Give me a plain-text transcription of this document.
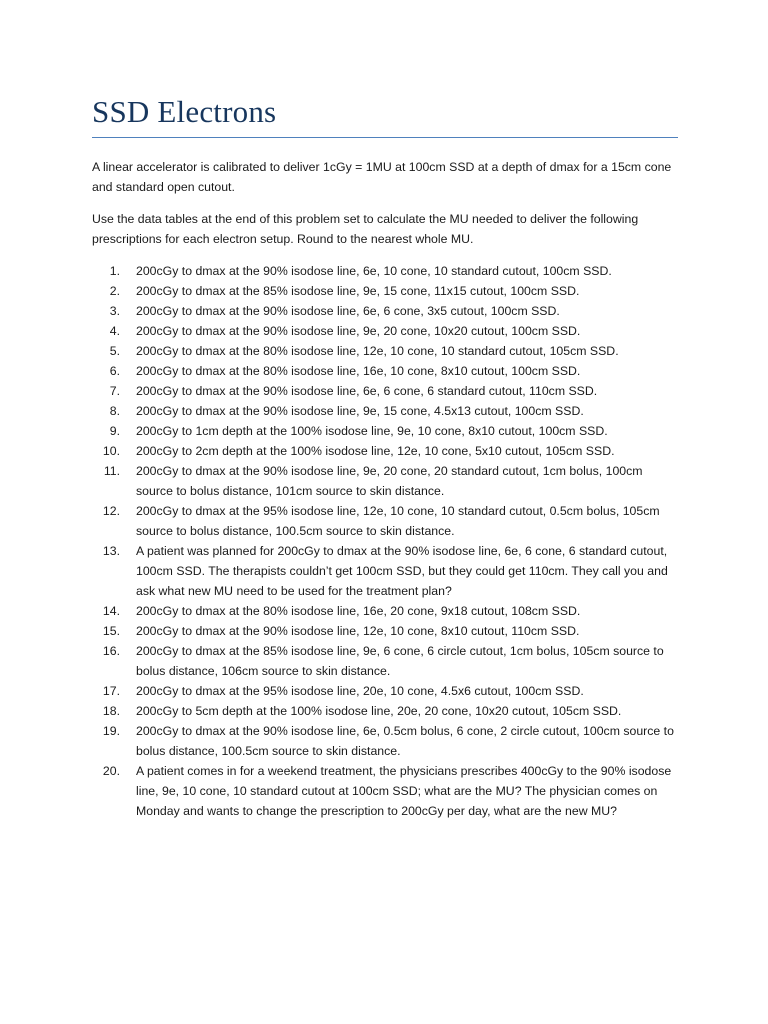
SSD Electrons

A linear accelerator is calibrated to deliver 1cGy = 1MU at 100cm SSD at a depth of dmax for a 15cm cone and standard open cutout.

Use the data tables at the end of this problem set to calculate the MU needed to deliver the following prescriptions for each electron setup. Round to the nearest whole MU.

1. 200cGy to dmax at the 90% isodose line, 6e, 10 cone, 10 standard cutout, 100cm SSD.
2. 200cGy to dmax at the 85% isodose line, 9e, 15 cone, 11x15 cutout, 100cm SSD.
3. 200cGy to dmax at the 90% isodose line, 6e, 6 cone, 3x5 cutout, 100cm SSD.
4. 200cGy to dmax at the 90% isodose line, 9e, 20 cone, 10x20 cutout, 100cm SSD.
5. 200cGy to dmax at the 80% isodose line, 12e, 10 cone, 10 standard cutout, 105cm SSD.
6. 200cGy to dmax at the 80% isodose line, 16e, 10 cone, 8x10 cutout, 100cm SSD.
7. 200cGy to dmax at the 90% isodose line, 6e, 6 cone, 6 standard cutout, 110cm SSD.
8. 200cGy to dmax at the 90% isodose line, 9e, 15 cone, 4.5x13 cutout, 100cm SSD.
9. 200cGy to 1cm depth at the 100% isodose line, 9e, 10 cone, 8x10 cutout, 100cm SSD.
10. 200cGy to 2cm depth at the 100% isodose line, 12e, 10 cone, 5x10 cutout, 105cm SSD.
11. 200cGy to dmax at the 90% isodose line, 9e, 20 cone, 20 standard cutout, 1cm bolus, 100cm source to bolus distance, 101cm source to skin distance.
12. 200cGy to dmax at the 95% isodose line, 12e, 10 cone, 10 standard cutout, 0.5cm bolus, 105cm source to bolus distance, 100.5cm source to skin distance.
13. A patient was planned for 200cGy to dmax at the 90% isodose line, 6e, 6 cone, 6 standard cutout, 100cm SSD. The therapists couldn’t get 100cm SSD, but they could get 110cm. They call you and ask what new MU need to be used for the treatment plan?
14. 200cGy to dmax at the 80% isodose line, 16e, 20 cone, 9x18 cutout, 108cm SSD.
15. 200cGy to dmax at the 90% isodose line, 12e, 10 cone, 8x10 cutout, 110cm SSD.
16. 200cGy to dmax at the 85% isodose line, 9e, 6 cone, 6 circle cutout, 1cm bolus, 105cm source to bolus distance, 106cm source to skin distance.
17. 200cGy to dmax at the 95% isodose line, 20e, 10 cone, 4.5x6 cutout, 100cm SSD.
18. 200cGy to 5cm depth at the 100% isodose line, 20e, 20 cone, 10x20 cutout, 105cm SSD.
19. 200cGy to dmax at the 90% isodose line, 6e, 0.5cm bolus, 6 cone, 2 circle cutout, 100cm source to bolus distance, 100.5cm source to skin distance.
20. A patient comes in for a weekend treatment, the physicians prescribes 400cGy to the 90% isodose line, 9e, 10 cone, 10 standard cutout at 100cm SSD; what are the MU? The physician comes on Monday and wants to change the prescription to 200cGy per day, what are the new MU?
